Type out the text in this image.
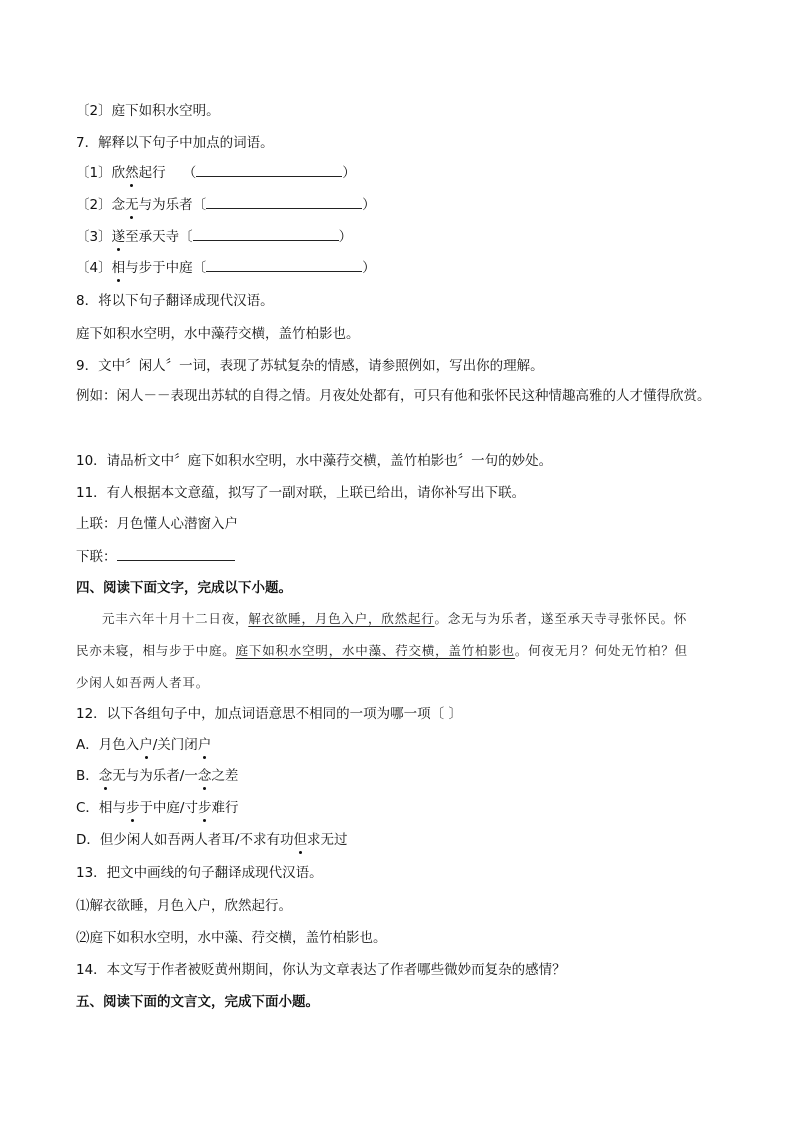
〔2〕庭下如积水空明。
7．解释以下句子中加点的词语。
〔1〕欣然起行 （	）
〔2〕念无与为乐者〔	）
〔3〕遂至承天寺〔	）
〔4〕相与步于中庭〔	）
8．将以下句子翻译成现代汉语。
庭下如积水空明，水中藻荇交横，盖竹柏影也。
9．文中〞闲人〞一词，表现了苏轼复杂的情感，请参照例如，写出你的理解。
例如：闲人－－表现出苏轼的自得之情。月夜处处都有，可只有他和张怀民这种情趣高雅的人才懂得欣赏。
10．请品析文中〞庭下如积水空明，水中藻荇交横，盖竹柏影也〞一句的妙处。
11．有人根据本文意蕴，拟写了一副对联，上联已给出，请你补写出下联。
上联：月色懂人心潜窗入户
下联：
四、阅读下面文字，完成以下小题。
元丰六年十月十二日夜，解衣欲睡，月色入户，欣然起行。念无与为乐者，遂至承天寺寻张怀民。怀
民亦未寝，相与步于中庭。庭下如积水空明，水中藻、荇交横，盖竹柏影也。何夜无月？何处无竹柏？但
少闲人如吾两人者耳。
12．以下各组句子中，加点词语意思不相同的一项为哪一项〔 〕
A．月色入户/关门闭户
B．念无与为乐者/一念之差
C．相与步于中庭/寸步难行
D．但少闲人如吾两人者耳/不求有功但求无过
13．把文中画线的句子翻译成现代汉语。
⑴解衣欲睡，月色入户，欣然起行。
⑵庭下如积水空明，水中藻、荇交横，盖竹柏影也。
14．本文写于作者被贬黄州期间，你认为文章表达了作者哪些微妙而复杂的感情？
五、阅读下面的文言文，完成下面小题。
